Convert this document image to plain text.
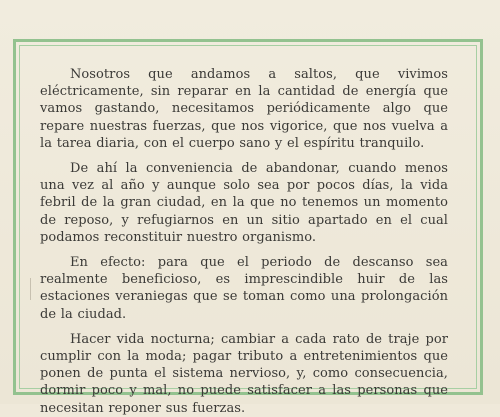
Nosotros que andamos a saltos, que vivimos eléctricamente, sin reparar en la cantidad de energía que vamos gastando, necesitamos periódicamente algo que repare nuestras fuerzas, que nos vigorice, que nos vuelva a la tarea diaria, con el cuerpo sano y el espíritu tranquilo.

De ahí la conveniencia de abandonar, cuando menos una vez al año y aunque solo sea por pocos días, la vida febril de la gran ciudad, en la que no tenemos un momento de reposo, y refugiarnos en un sitio apartado en el cual podamos reconstituir nuestro organismo.

En efecto: para que el periodo de descanso sea realmente beneficioso, es imprescindible huir de las estaciones veraniegas que se toman como una prolongación de la ciudad.

Hacer vida nocturna; cambiar a cada rato de traje por cumplir con la moda; pagar tributo a entretenimientos que ponen de punta el sistema nervioso, y, como consecuencia, dormir poco y mal, no puede satisfacer a las personas que necesitan reponer sus fuerzas.
